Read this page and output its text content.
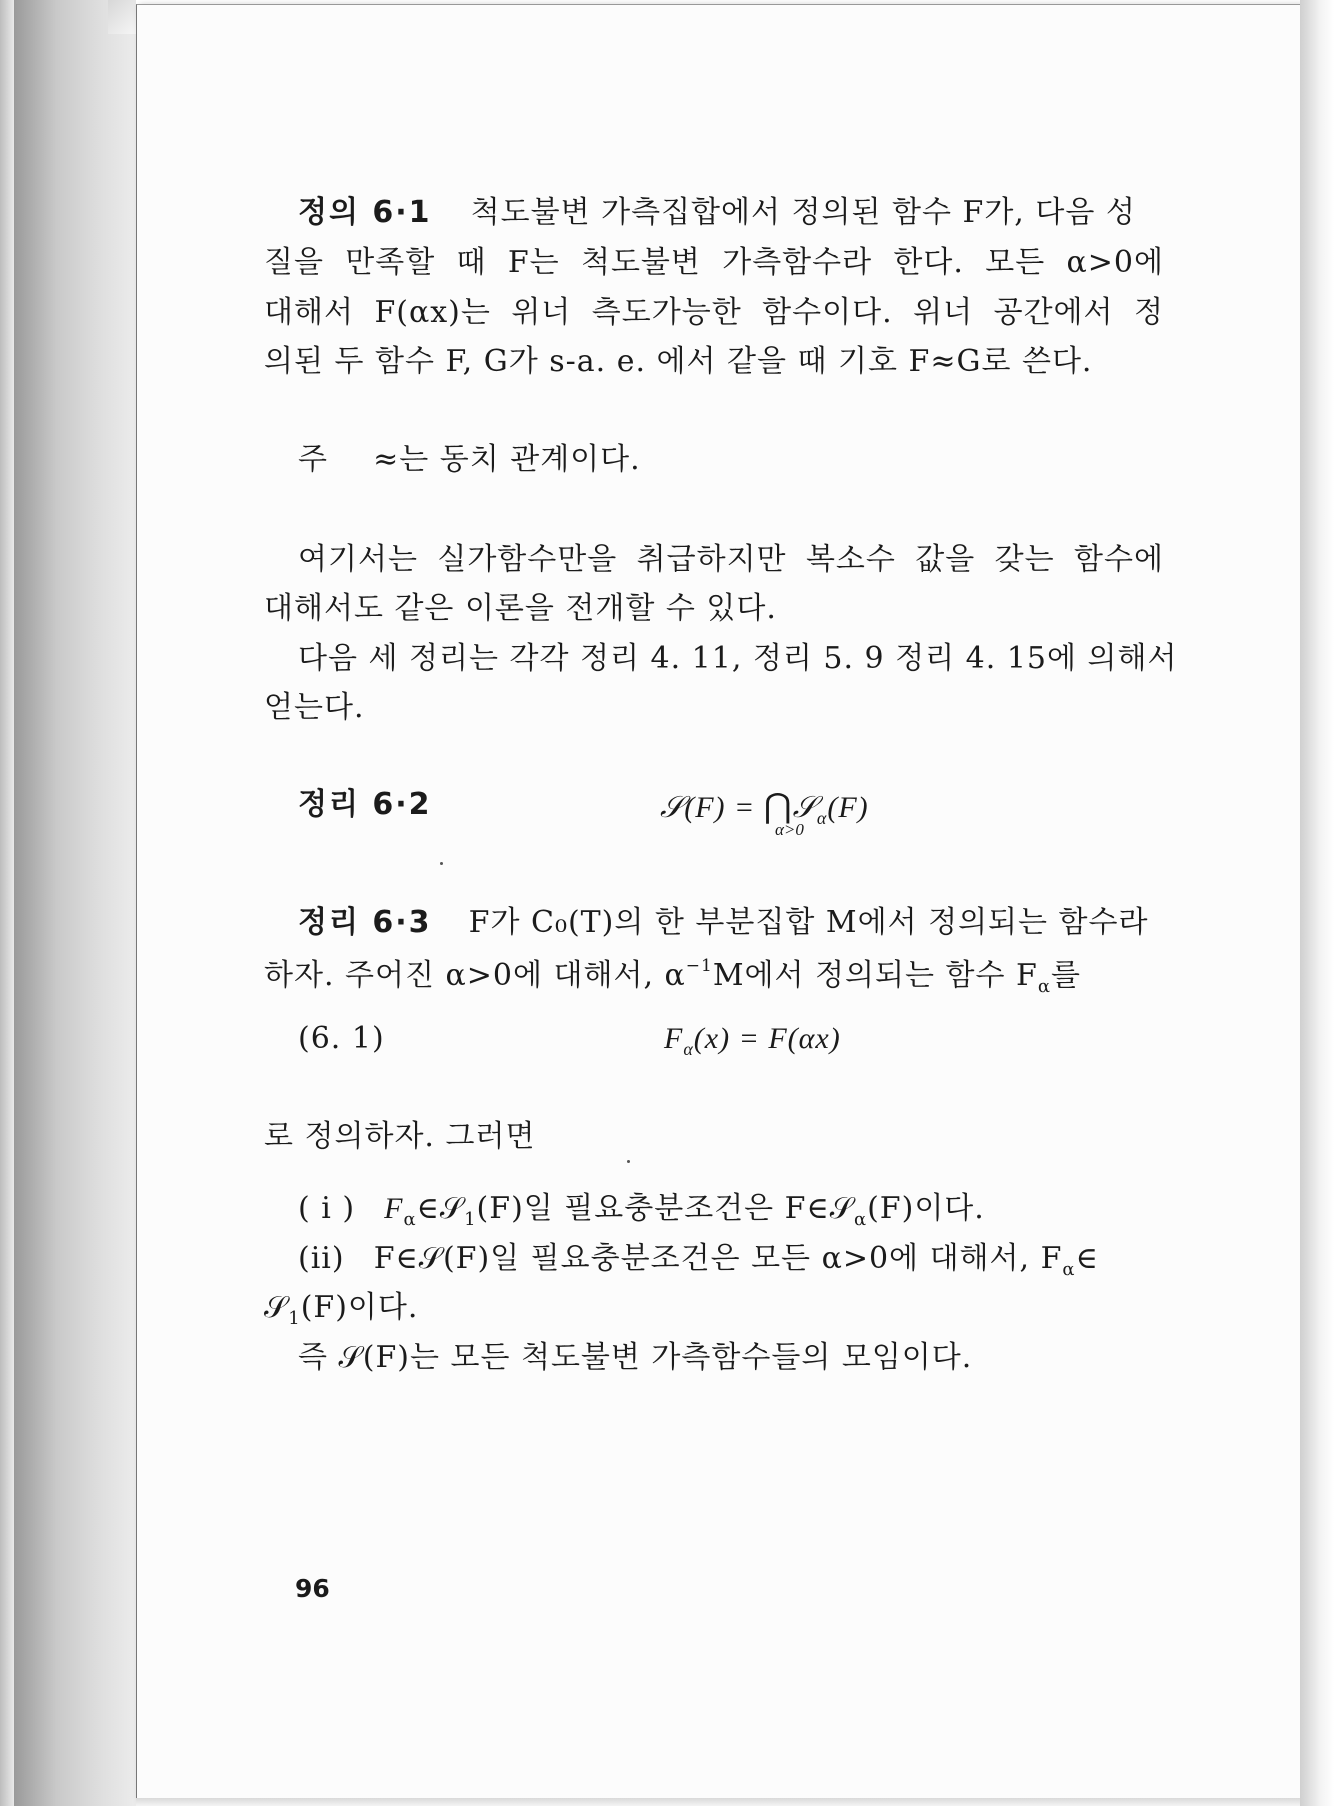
정의 6·1 척도불변 가측집합에서 정의된 함수 F가, 다음 성
질을 만족할 때 F는 척도불변 가측함수라 한다. 모든 α>0에
대해서 F(αx)는 위너 측도가능한 함수이다. 위너 공간에서 정
의된 두 함수 F, G가 s-a. e. 에서 같을 때 기호 F≈G로 쓴다.
주 ≈는 동치 관계이다.
여기서는 실가함수만을 취급하지만 복소수 값을 갖는 함수에
대해서도 같은 이론을 전개할 수 있다.
다음 세 정리는 각각 정리 4. 11, 정리 5. 9 정리 4. 15에 의해서
얻는다.
정리 6·2	𝒮(F) = ⋂𝒮$_\alpha$(F)
α>0
정리 6·3 F가 C₀(T)의 한 부분집합 M에서 정의되는 함수라
하자. 주어진 α>0에 대해서, $\alpha^{-1}M$에서 정의되는 함수 $F_\alpha$를
(6. 1)	$F_\alpha(x) = F(\alpha x)$
로 정의하자. 그러면
( i ) $F_\alpha\in 𝒮_1(F)$일 필요충분조건은 F∈𝒮$_\alpha$(F)이다.
(ii) F∈𝒮(F)일 필요충분조건은 모든 α>0에 대해서, $F_\alpha\in$
𝒮$_1$(F)이다.
즉 𝒮(F)는 모든 척도불변 가측함수들의 모임이다.
96
